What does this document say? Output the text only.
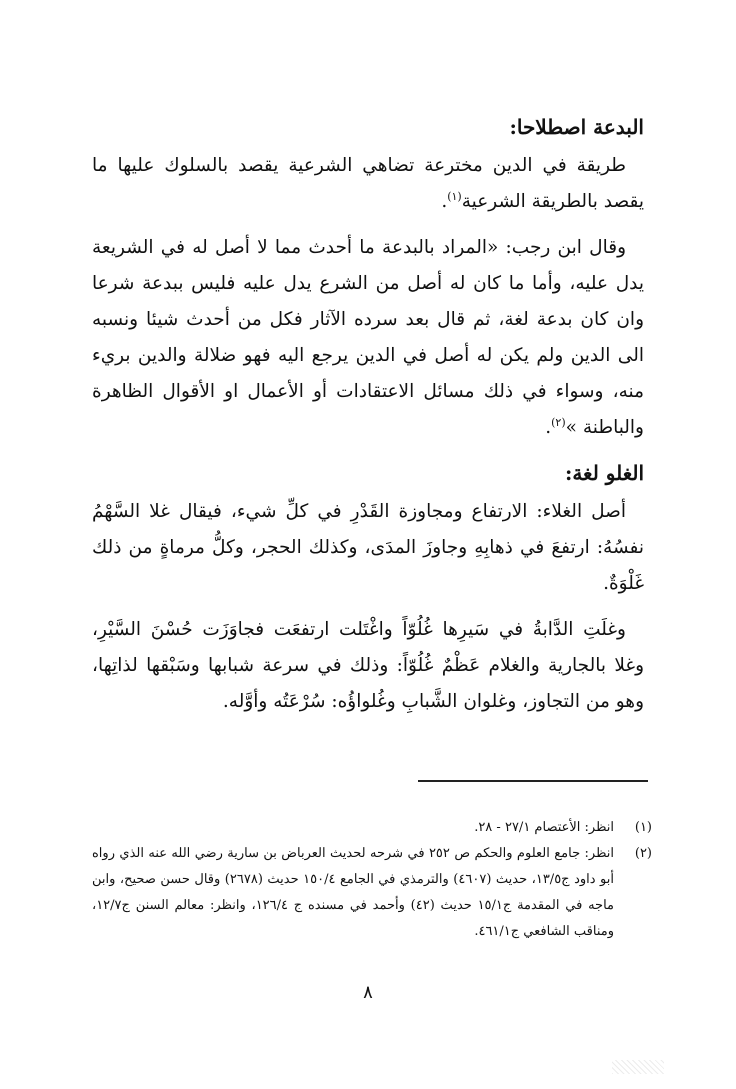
البدعة اصطلاحا:

طريقة في الدين مخترعة تضاهي الشرعية يقصد بالسلوك عليها ما يقصد بالطريقة الشرعية$^{(١)}$.

وقال ابن رجب: «المراد بالبدعة ما أحدث مما لا أصل له في الشريعة يدل عليه، وأما ما كان له أصل من الشرع يدل عليه فليس ببدعة شرعا وان كان بدعة لغة، ثم قال بعد سرده الآثار فكل من أحدث شيئا ونسبه الى الدين ولم يكن له أصل في الدين يرجع اليه فهو ضلالة والدين بريء منه، وسواء في ذلك مسائل الاعتقادات أو الأعمال او الأقوال الظاهرة والباطنة »$^{(٢)}$.

الغلو لغة:

أصل الغلاء: الارتفاع ومجاوزة القَدْرِ في كلِّ شيء، فيقال غلا السَّهْمُ نفسُهُ: ارتفعَ في ذهابِهِ وجاوزَ المدَى، وكذلك الحجر، وكلُّ مرماةٍ من ذلك غَلْوَةٌ.

وغلَتِ الدَّابةُ في سَيرِها غُلُوّاً واغْتَلت ارتفعَت فجاوَزَت حُسْنَ السَّيْرِ، وغلا بالجارية والغلام عَظْمٌ غُلُوّاً: وذلك في سرعة شبابها وسَبْقها لذاتِها، وهو من التجاوز، وغلوان الشَّبابِ وغُلواؤُه: سُرْعَتُه وأوَّله.

(١)
انظر: الأعتصام ٢٧/١ - ٢٨.
(٢)
انظر: جامع العلوم والحكم ص ٢٥٢ في شرحه لحديث العرباض بن سارية رضي الله عنه الذي رواه أبو داود ج١٣/٥، حديث (٤٦٠٧) والترمذي في الجامع ١٥٠/٤ حديث (٢٦٧٨) وقال حسن صحيح، وابن ماجه في المقدمة ج١٥/١ حديث (٤٢) وأحمد في مسنده ج ١٢٦/٤، وانظر: معالم السنن ج١٢/٧، ومناقب الشافعي ج٤٦١/١.
٨
